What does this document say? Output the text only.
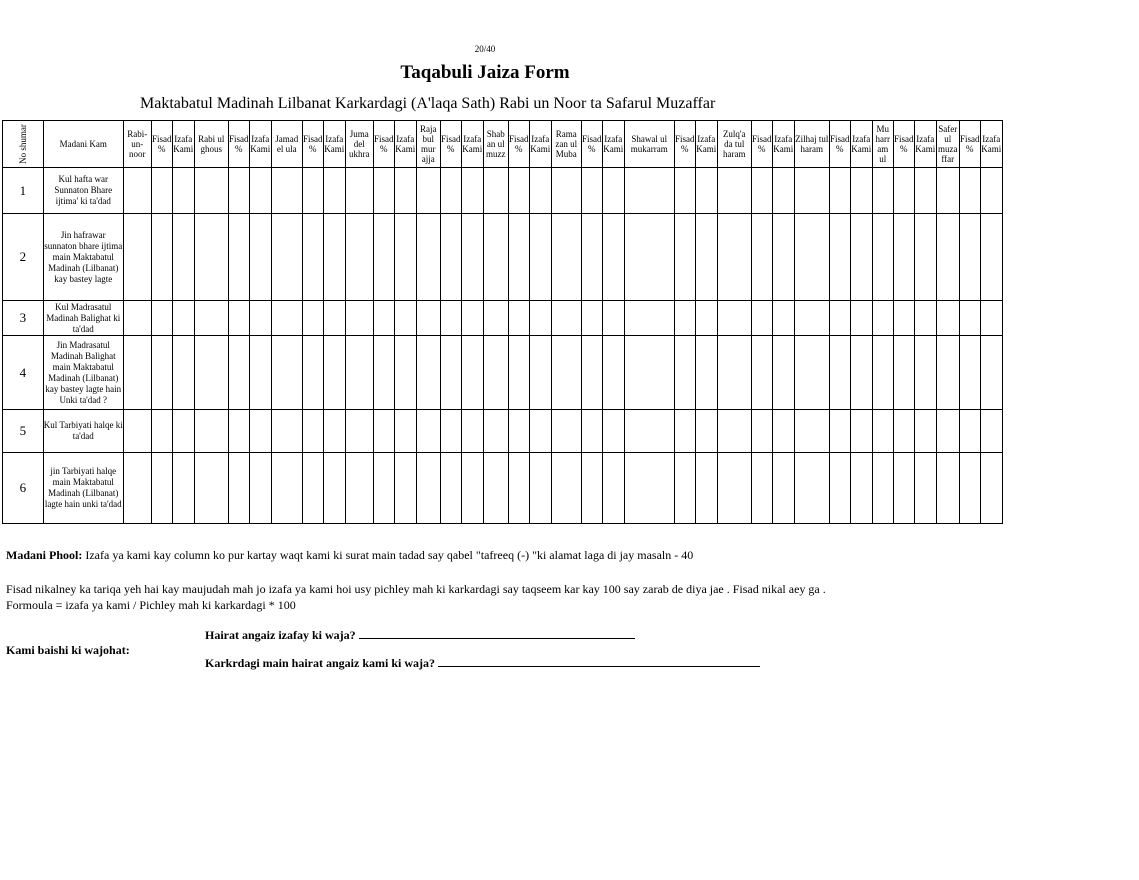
20/40
Taqabuli Jaiza Form
Maktabatul Madinah Lilbanat Karkardagi (A'laqa Sath) Rabi un Noor ta Safarul Muzaffar
No shumar	Madani Kam	Rabi-un-noor	Fisad %	Izafa Kami	Rabi ul ghous	Fisad %	Izafa Kami	Jamad el ula	Fisad %	Izafa Kami	Juma del ukhra	Fisad %	Izafa Kami	Raja bul mur ajja	Fisad %	Izafa Kami	Shab an ul muzz	Fisad %	Izafa Kami	Rama zan ul Muba	Fisad %	Izafa Kami	Shawal ul mukarram	Fisad %	Izafa Kami	Zulq'a da tul haram	Fisad %	Izafa Kami	Zilhaj tul haram	Fisad %	Izafa Kami	Mu harr am ul	Fisad %	Izafa Kami	Safer ul muza ffar	Fisad %	Izafa Kami
1	Kul hafta war Sunnaton Bhare ijtima' ki ta'dad																																				
2	Jin hafrawar sunnaton bhare ijtima main Maktabatul Madinah (Lilbanat) kay bastey lagte																																				
3	Kul Madrasatul Madinah Balighat ki ta'dad																																				
4	Jin Madrasatul Madinah Balighat main Maktabatul Madinah (Lilbanat) kay bastey lagte hain Unki ta'dad ?																																				
5	Kul Tarbiyati halqe ki ta'dad																																				
6	jin Tarbiyati halqe main Maktabatul Madinah (Lilbanat) lagte hain unki ta'dad																																				
Madani Phool: Izafa ya kami kay column ko pur kartay waqt kami ki surat main tadad say qabel "tafreeq (-) "ki alamat laga di jay masaln - 40
Fisad nikalney ka tariqa yeh hai kay maujudah mah jo izafa ya kami hoi usy pichley mah ki karkardagi say taqseem kar kay 100 say zarab de diya jae . Fisad nikal aey ga .
Formoula = izafa ya kami / Pichley mah ki karkardagi * 100
Kami baishi ki wajohat:
Hairat angaiz izafay ki waja?
Karkrdagi main hairat angaiz kami ki waja?
